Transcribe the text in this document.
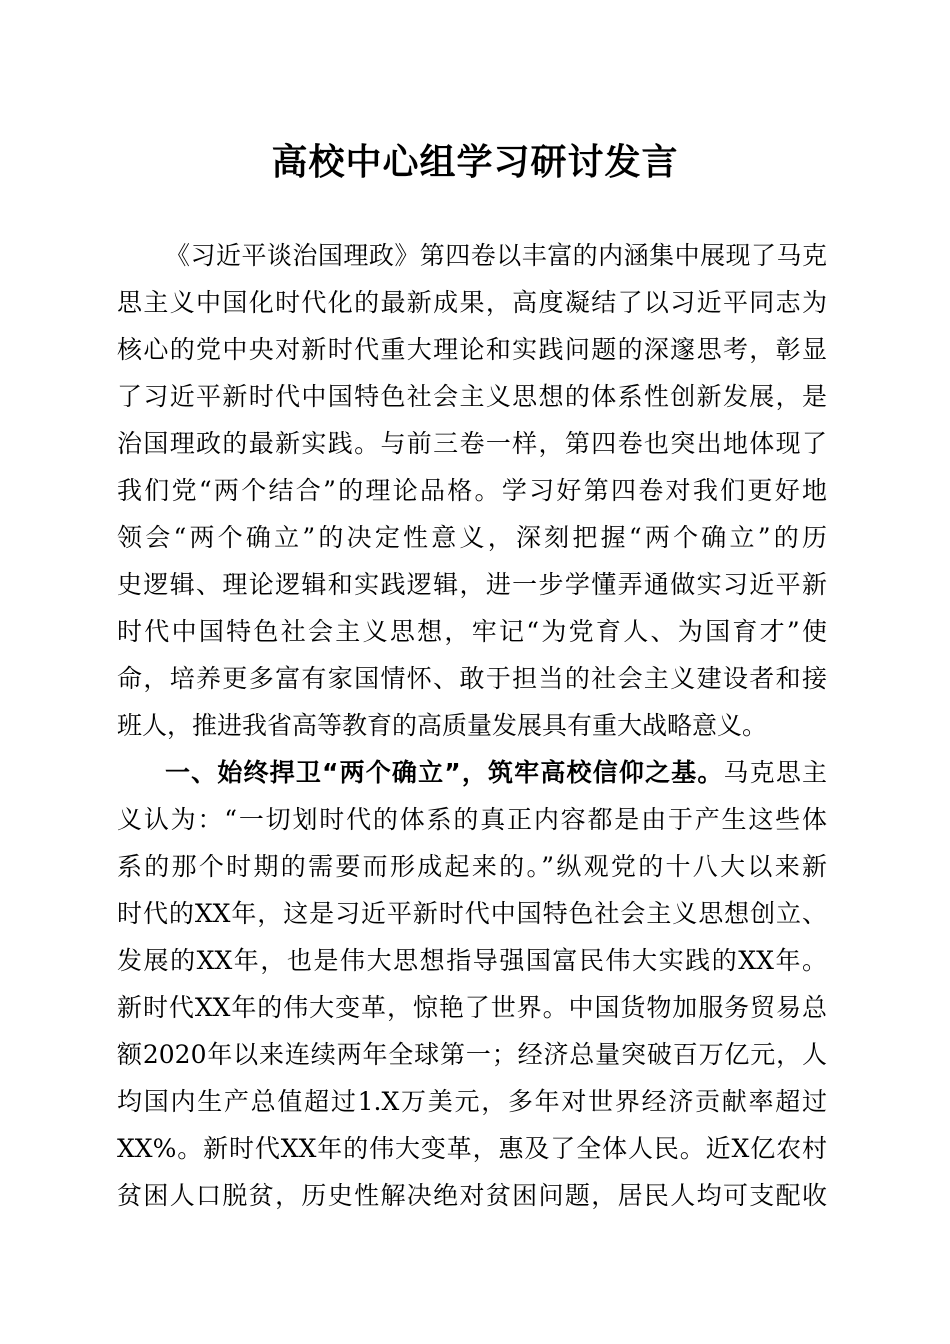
高校中心组学习研讨发言
《习近平谈治国理政》第四卷以丰富的内涵集中展现了马克
思主义中国化时代化的最新成果，高度凝结了以习近平同志为
核心的党中央对新时代重大理论和实践问题的深邃思考，彰显
了习近平新时代中国特色社会主义思想的体系性创新发展，是
治国理政的最新实践。与前三卷一样，第四卷也突出地体现了
我们党“两个结合”的理论品格。学习好第四卷对我们更好地
领会“两个确立”的决定性意义，深刻把握“两个确立”的历
史逻辑、理论逻辑和实践逻辑，进一步学懂弄通做实习近平新
时代中国特色社会主义思想，牢记“为党育人、为国育才”使
命，培养更多富有家国情怀、敢于担当的社会主义建设者和接
班人，推进我省高等教育的高质量发展具有重大战略意义。
一、始终捍卫“两个确立”，筑牢高校信仰之基。马克思主
义认为：“一切划时代的体系的真正内容都是由于产生这些体
系的那个时期的需要而形成起来的。”纵观党的十八大以来新
时代的XX年，这是习近平新时代中国特色社会主义思想创立、
发展的XX年，也是伟大思想指导强国富民伟大实践的XX年。
新时代XX年的伟大变革，惊艳了世界。中国货物加服务贸易总
额2020年以来连续两年全球第一；经济总量突破百万亿元，人
均国内生产总值超过1.X万美元，多年对世界经济贡献率超过
XX%。新时代XX年的伟大变革，惠及了全体人民。近X亿农村
贫困人口脱贫，历史性解决绝对贫困问题，居民人均可支配收
